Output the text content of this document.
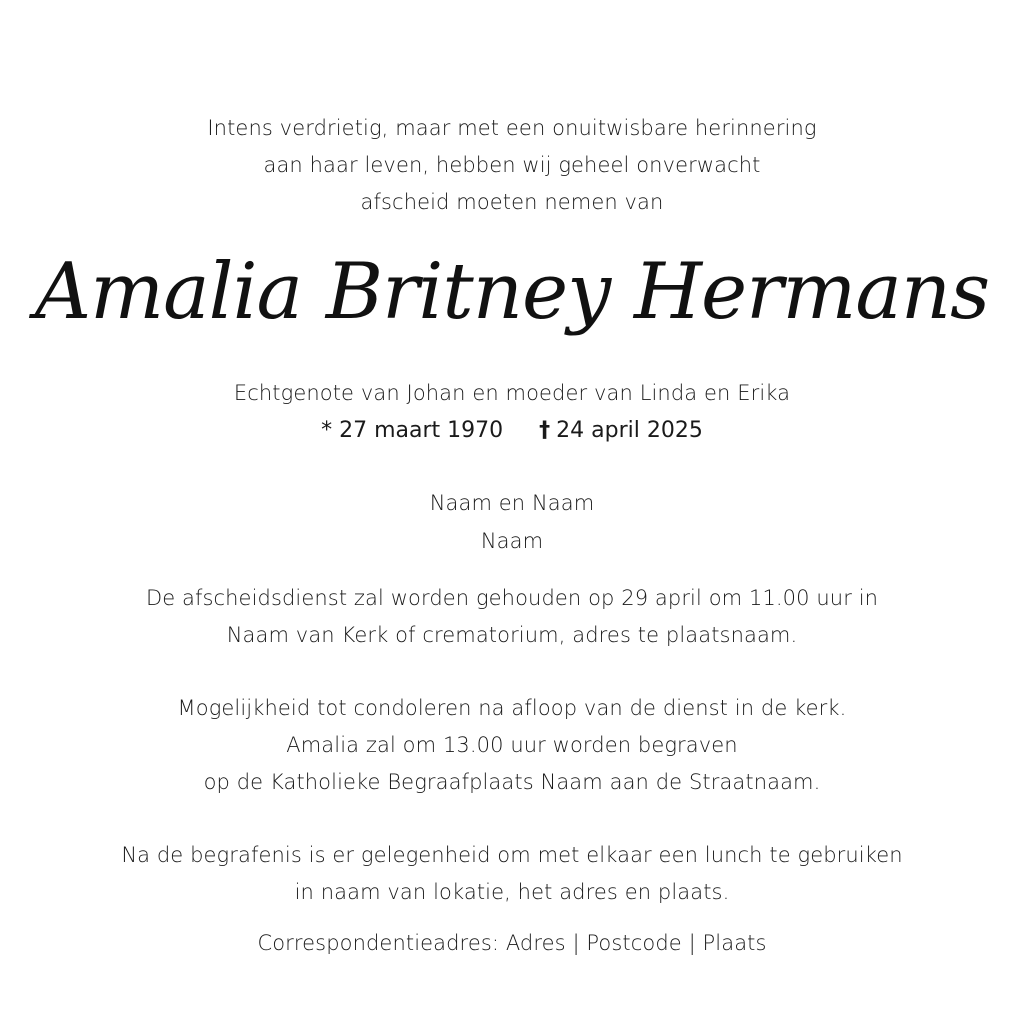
Intens verdrietig, maar met een onuitwisbare herinnering
aan haar leven, hebben wij geheel onverwacht
afscheid moeten nemen van
Amalia Britney Hermans
Echtgenote van Johan en moeder van Linda en Erika
* 27 maart 1970 † 24 april 2025
Naam en Naam
Naam
De afscheidsdienst zal worden gehouden op 29 april om 11.00 uur in
Naam van Kerk of crematorium, adres te plaatsnaam.
Mogelijkheid tot condoleren na afloop van de dienst in de kerk.
Amalia zal om 13.00 uur worden begraven
op de Katholieke Begraafplaats Naam aan de Straatnaam.
Na de begrafenis is er gelegenheid om met elkaar een lunch te gebruiken
in naam van lokatie, het adres en plaats.
Correspondentieadres: Adres | Postcode | Plaats
